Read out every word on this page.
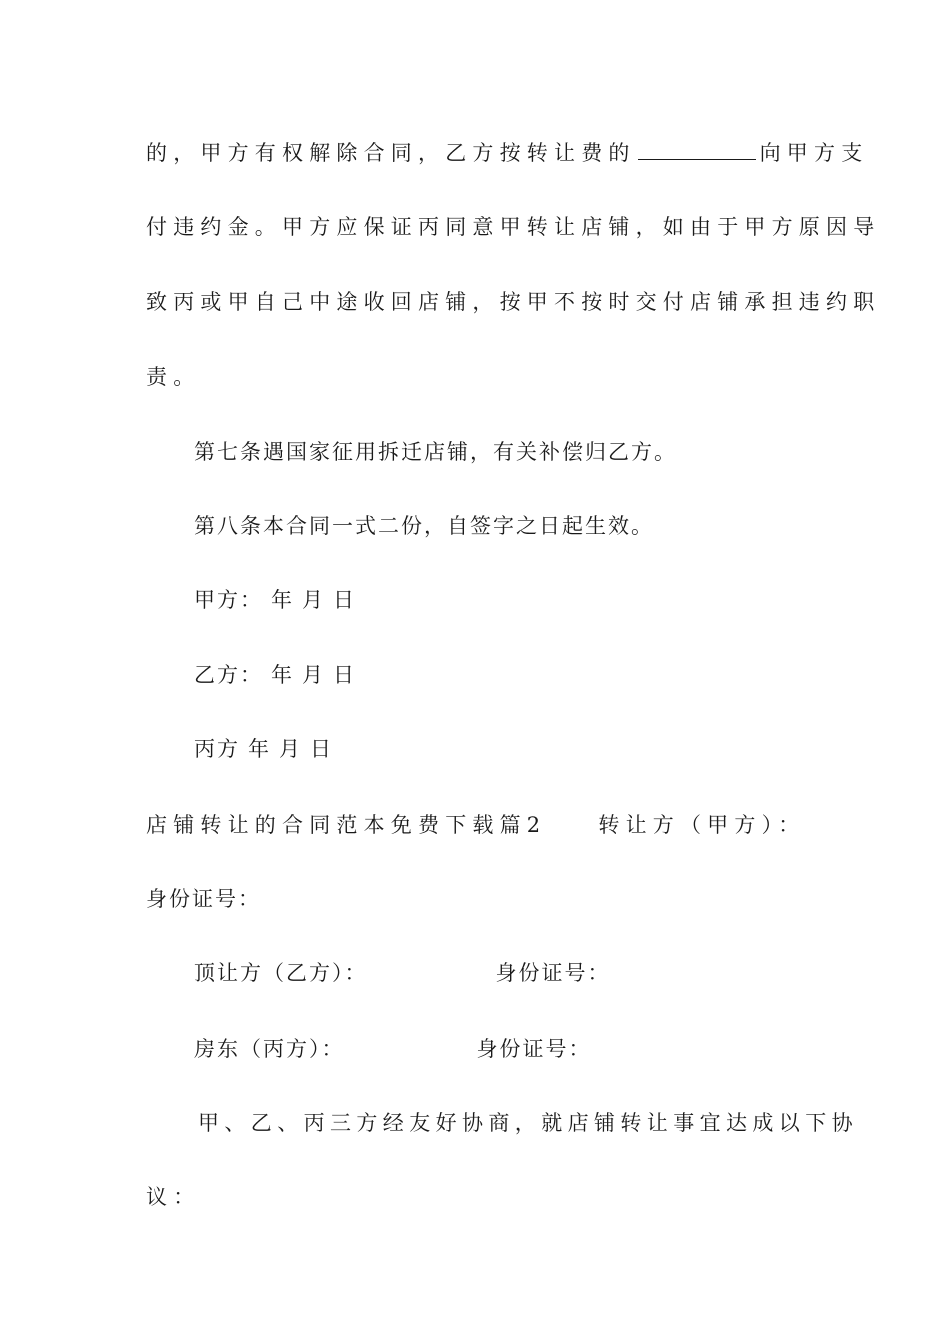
的，甲方有权解除合同，乙方按转让费的	向甲方支
付违约金。甲方应保证丙同意甲转让店铺，如由于甲方原因导
致丙或甲自己中途收回店铺，按甲不按时交付店铺承担违约职
责。
第七条遇国家征用拆迁店铺，有关补偿归乙方。
第八条本合同一式二份，自签字之日起生效。
甲方： 年 月 日
乙方： 年 月 日
丙方 年 月 日
店铺转让的合同范本免费下载篇2 转让方（甲方）：
身份证号：
顶让方（乙方）：	身份证号：
房东（丙方）：	身份证号：
甲、乙、丙三方经友好协商，就店铺转让事宜达成以下协
议：
